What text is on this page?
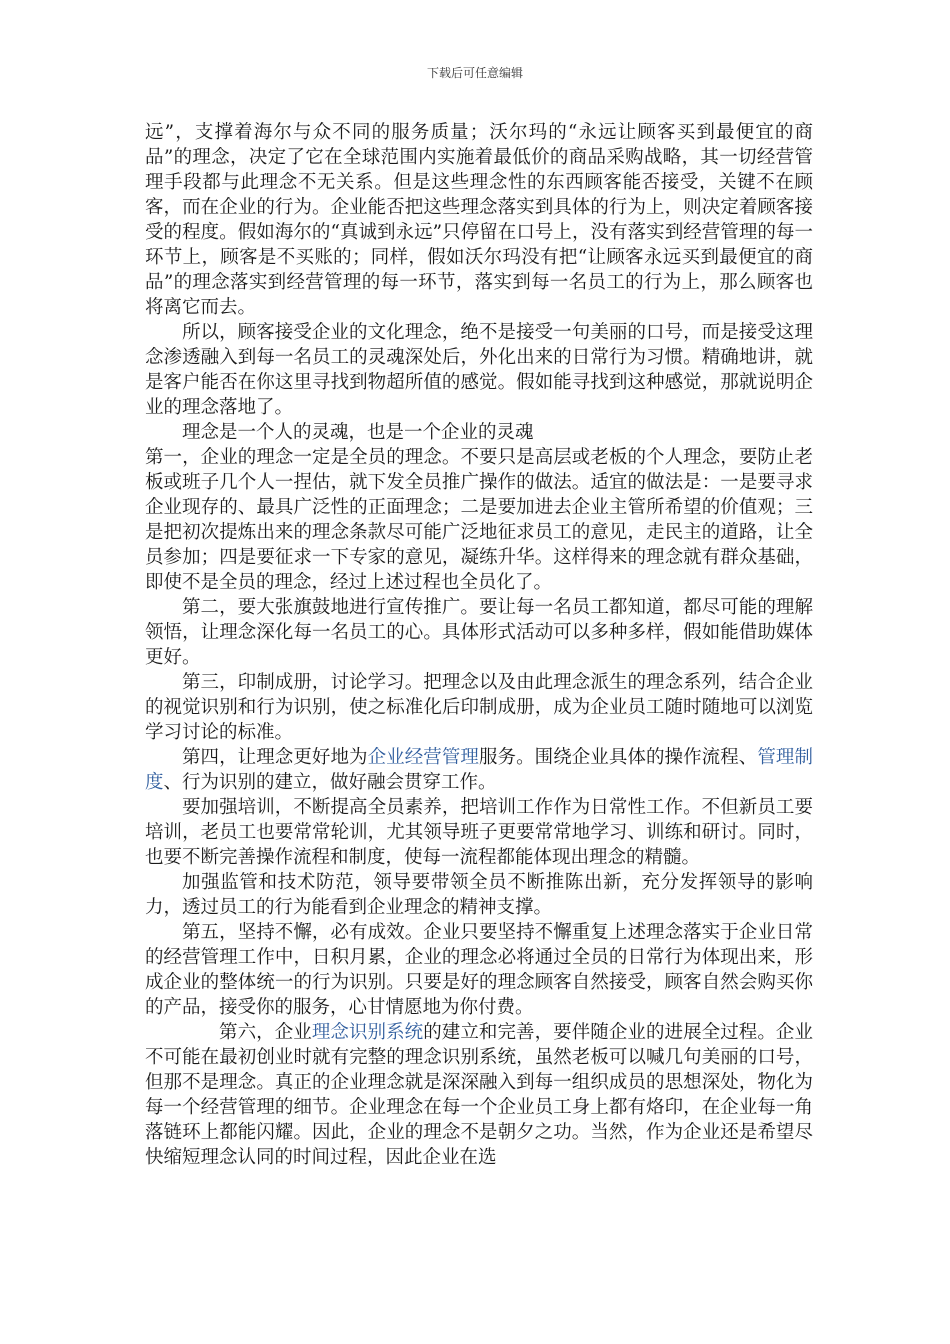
下载后可任意编辑

远”，支撑着海尔与众不同的服务质量；沃尔玛的“永远让顾客买到最便宜的商品”的理念，决定了它在全球范围内实施着最低价的商品采购战略，其一切经营管理手段都与此理念不无关系。但是这些理念性的东西顾客能否接受，关键不在顾客，而在企业的行为。企业能否把这些理念落实到具体的行为上，则决定着顾客接受的程度。假如海尔的“真诚到永远”只停留在口号上，没有落实到经营管理的每一环节上，顾客是不买账的；同样，假如沃尔玛没有把“让顾客永远买到最便宜的商品”的理念落实到经营管理的每一环节，落实到每一名员工的行为上，那么顾客也将离它而去。

所以，顾客接受企业的文化理念，绝不是接受一句美丽的口号，而是接受这理念渗透融入到每一名员工的灵魂深处后，外化出来的日常行为习惯。精确地讲，就是客户能否在你这里寻找到物超所值的感觉。假如能寻找到这种感觉，那就说明企业的理念落地了。

理念是一个人的灵魂，也是一个企业的灵魂

第一，企业的理念一定是全员的理念。不要只是高层或老板的个人理念，要防止老板或班子几个人一捏估，就下发全员推广操作的做法。适宜的做法是：一是要寻求企业现存的、最具广泛性的正面理念；二是要加进去企业主管所希望的价值观；三是把初次提炼出来的理念条款尽可能广泛地征求员工的意见，走民主的道路，让全员参加；四是要征求一下专家的意见，凝练升华。这样得来的理念就有群众基础，即使不是全员的理念，经过上述过程也全员化了。

第二，要大张旗鼓地进行宣传推广。要让每一名员工都知道，都尽可能的理解领悟，让理念深化每一名员工的心。具体形式活动可以多种多样，假如能借助媒体更好。

第三，印制成册，讨论学习。把理念以及由此理念派生的理念系列，结合企业的视觉识别和行为识别，使之标准化后印制成册，成为企业员工随时随地可以浏览学习讨论的标准。

第四，让理念更好地为企业经营管理服务。围绕企业具体的操作流程、管理制度、行为识别的建立，做好融会贯穿工作。

要加强培训，不断提高全员素养，把培训工作作为日常性工作。不但新员工要培训，老员工也要常常轮训，尤其领导班子更要常常地学习、训练和研讨。同时，也要不断完善操作流程和制度，使每一流程都能体现出理念的精髓。

加强监管和技术防范，领导要带领全员不断推陈出新，充分发挥领导的影响力，透过员工的行为能看到企业理念的精神支撑。

第五，坚持不懈，必有成效。企业只要坚持不懈重复上述理念落实于企业日常的经营管理工作中，日积月累，企业的理念必将通过全员的日常行为体现出来，形成企业的整体统一的行为识别。只要是好的理念顾客自然接受，顾客自然会购买你的产品，接受你的服务，心甘情愿地为你付费。

第六，企业理念识别系统的建立和完善，要伴随企业的进展全过程。企业不可能在最初创业时就有完整的理念识别系统，虽然老板可以喊几句美丽的口号，但那不是理念。真正的企业理念就是深深融入到每一组织成员的思想深处，物化为每一个经营管理的细节。企业理念在每一个企业员工身上都有烙印，在企业每一角落链环上都能闪耀。因此，企业的理念不是朝夕之功。当然，作为企业还是希望尽快缩短理念认同的时间过程，因此企业在选
